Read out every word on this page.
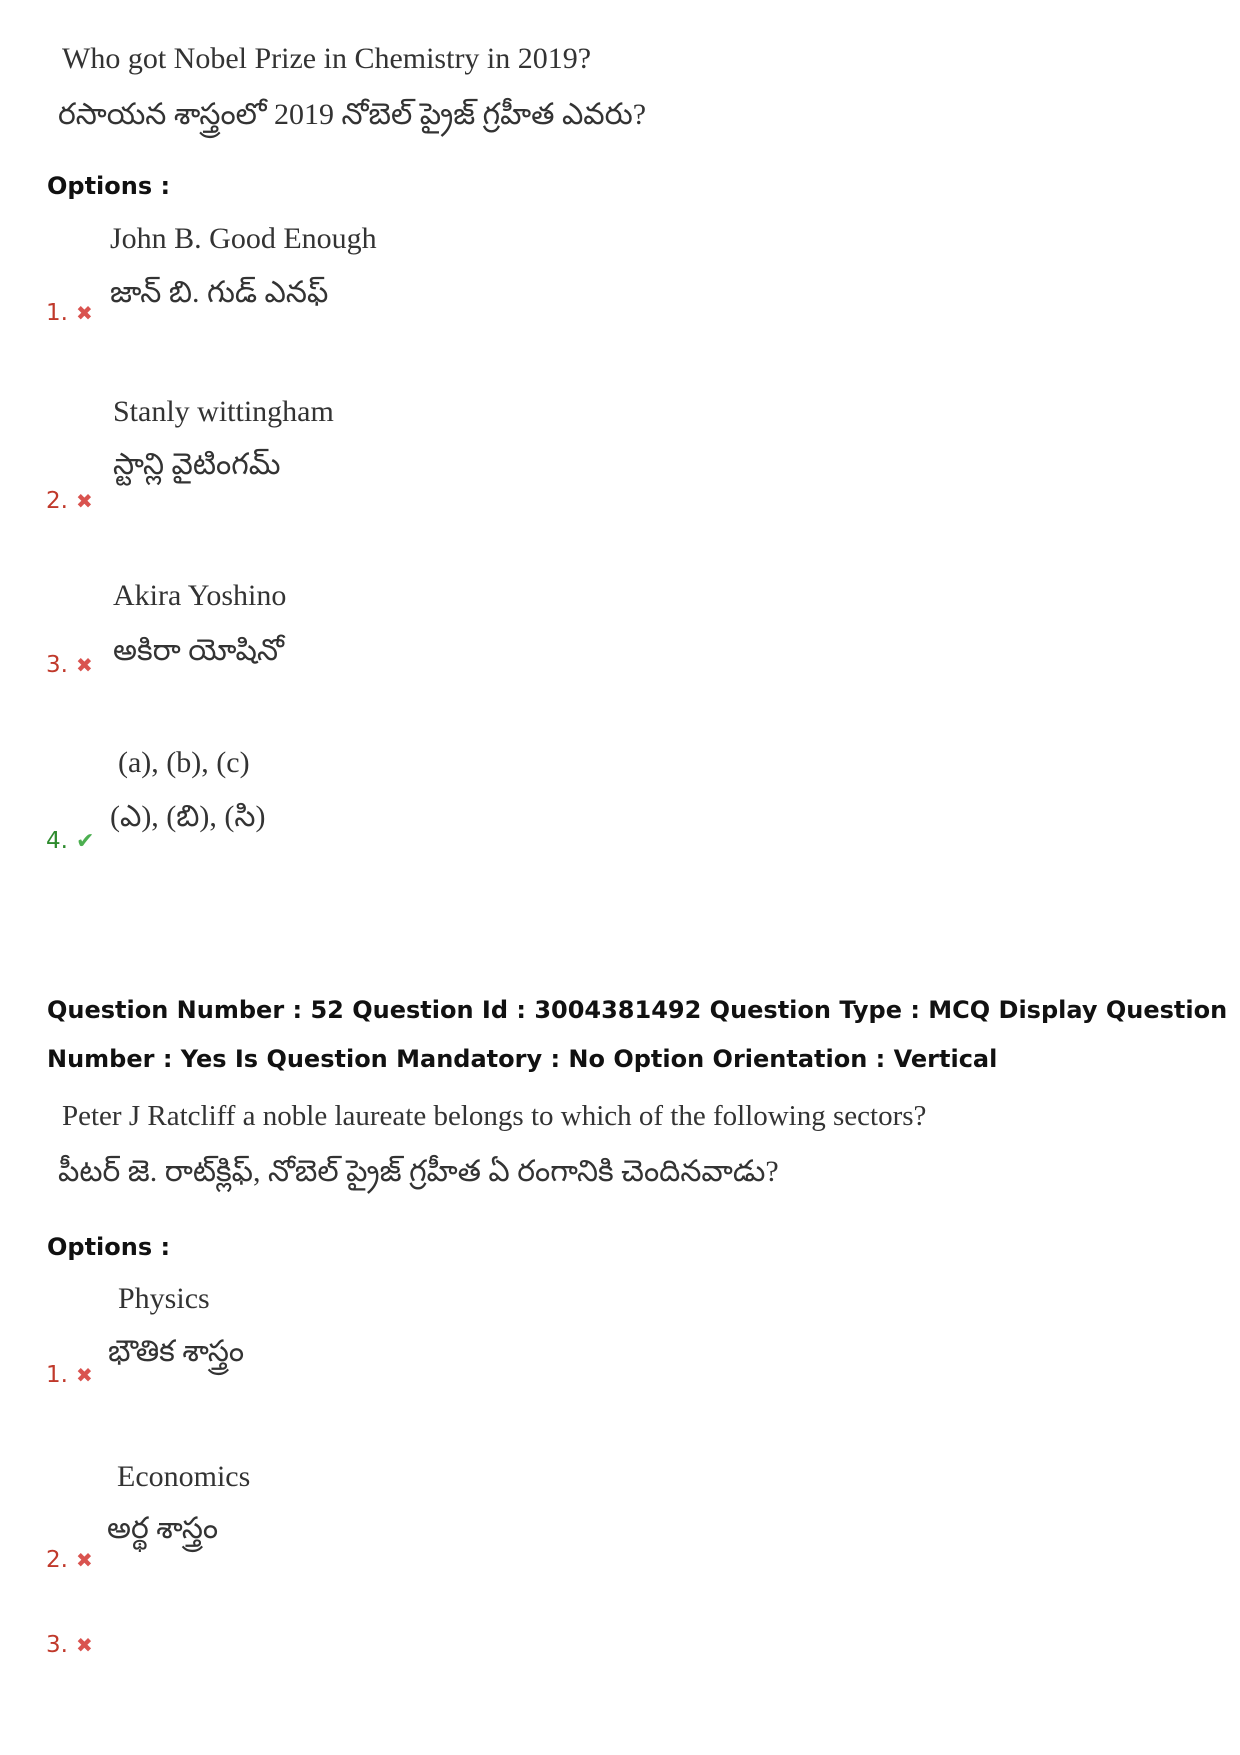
Who got Nobel Prize in Chemistry in 2019?
రసాయన శాస్త్రంలో 2019 నోబెల్ ప్రైజ్ గ్రహీత ఎవరు?
Options :
John B. Good Enough
జాన్ బి. గుడ్ ఎనఫ్
1. ✖
Stanly wittingham
స్టాన్లి వైటింగమ్
2. ✖
Akira Yoshino
అకిరా యోషినో
3. ✖
(a), (b), (c)
(ఎ), (బి), (సి)
4. ✔
Question Number : 52 Question Id : 3004381492 Question Type : MCQ Display Question
Number : Yes Is Question Mandatory : No Option Orientation : Vertical
Peter J Ratcliff a noble laureate belongs to which of the following sectors?
పీటర్ జె. రాట్‌క్లిఫ్, నోబెల్ ప్రైజ్ గ్రహీత ఏ రంగానికి చెందినవాడు?
Options :
Physics
భౌతిక శాస్త్రం
1. ✖
Economics
అర్థ శాస్త్రం
2. ✖
3. ✖
